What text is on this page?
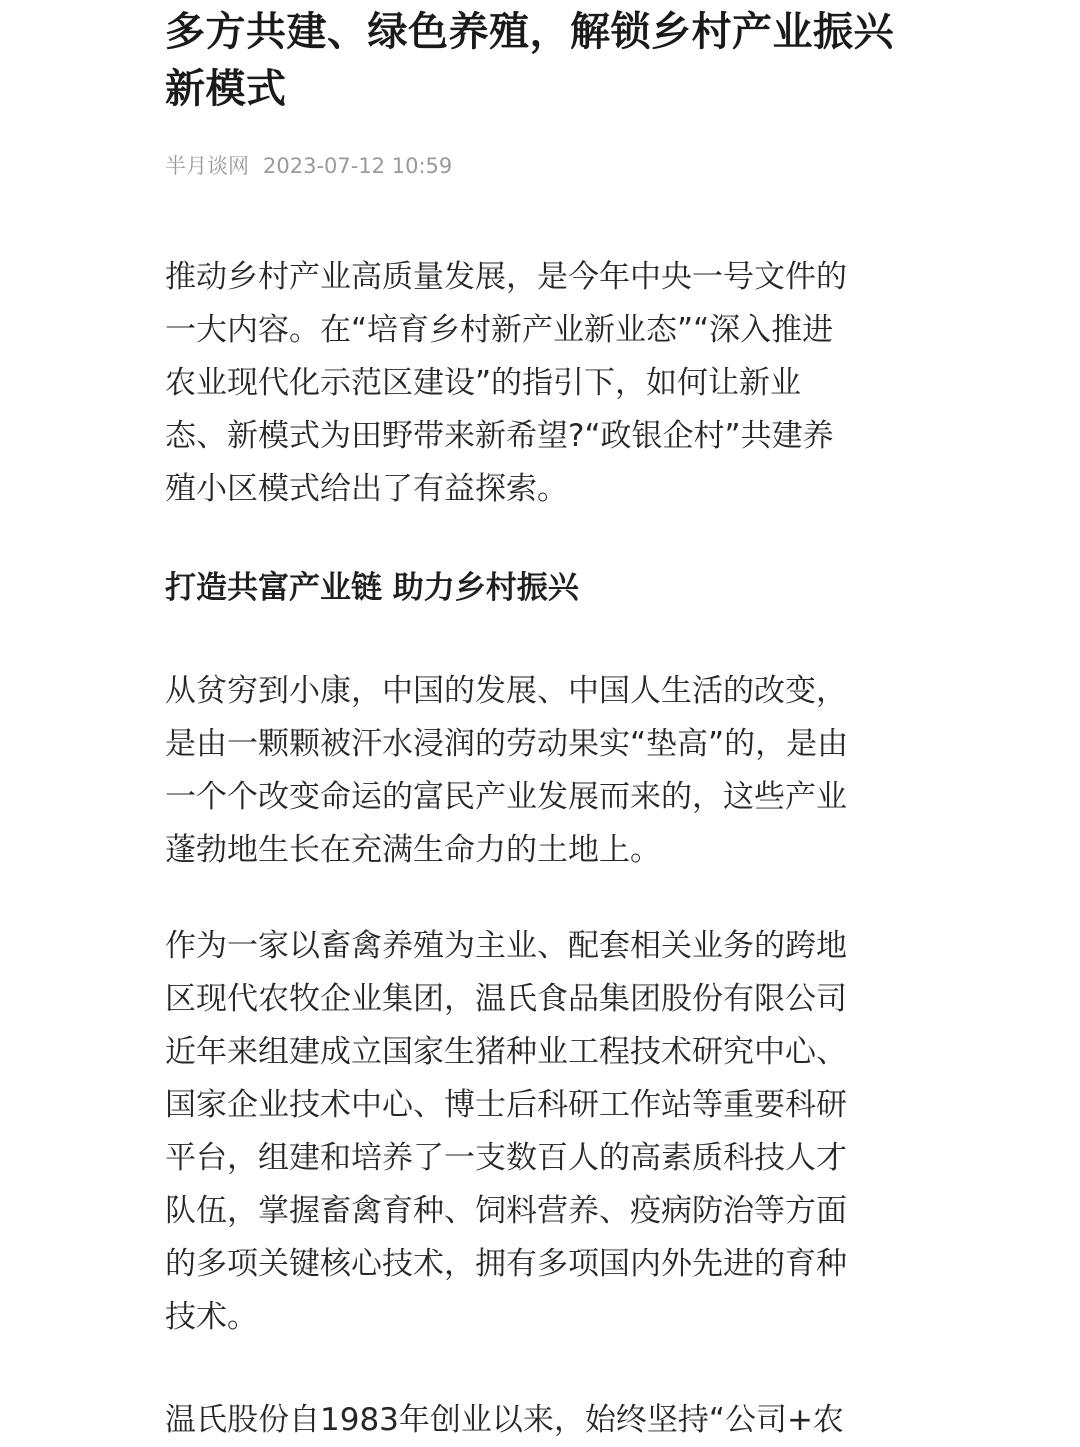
多方共建、绿色养殖，解锁乡村产业振兴
新模式
半月谈网 2023-07-12 10:59

推动乡村产业高质量发展，是今年中央一号文件的
一大内容。在“培育乡村新产业新业态”“深入推进
农业现代化示范区建设”的指引下，如何让新业
态、新模式为田野带来新希望?“政银企村”共建养
殖小区模式给出了有益探索。

打造共富产业链 助力乡村振兴

从贫穷到小康，中国的发展、中国人生活的改变，
是由一颗颗被汗水浸润的劳动果实“垫高”的，是由
一个个改变命运的富民产业发展而来的，这些产业
蓬勃地生长在充满生命力的土地上。

作为一家以畜禽养殖为主业、配套相关业务的跨地
区现代农牧企业集团，温氏食品集团股份有限公司
近年来组建成立国家生猪种业工程技术研究中心、
国家企业技术中心、博士后科研工作站等重要科研
平台，组建和培养了一支数百人的高素质科技人才
队伍，掌握畜禽育种、饲料营养、疫病防治等方面
的多项关键核心技术，拥有多项国内外先进的育种
技术。

温氏股份自1983年创业以来，始终坚持“公司+农
